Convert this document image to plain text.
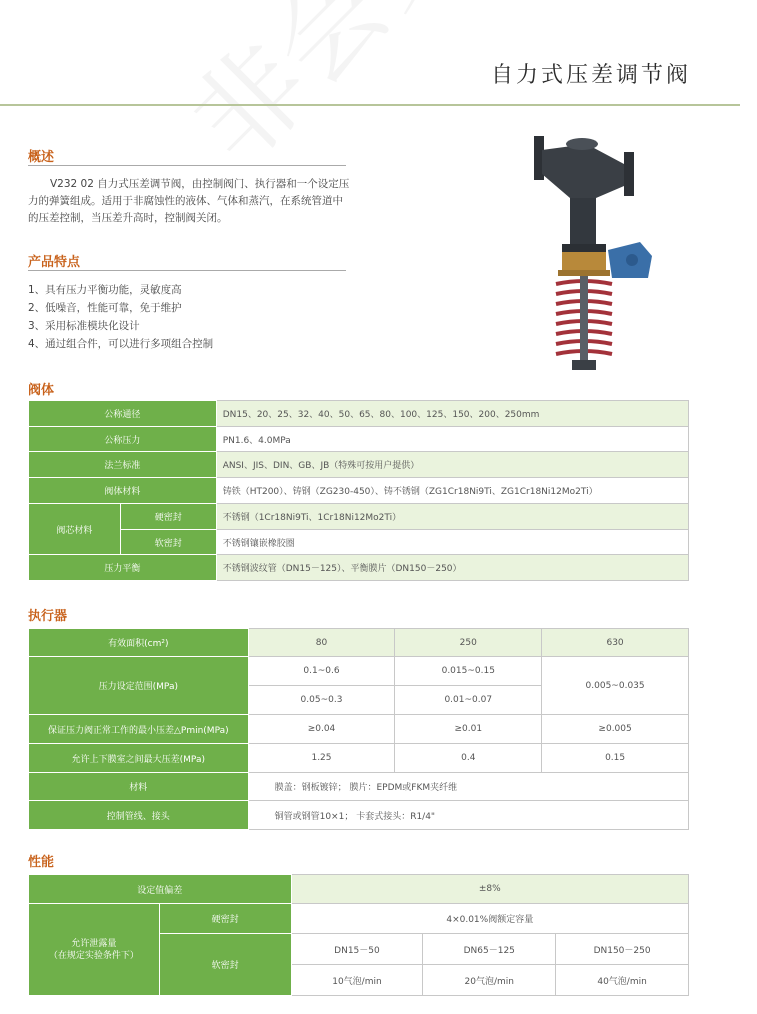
自力式压差调节阀
概述
V232 02 自力式压差调节阀，由控制阀门、执行器和一个设定压力的弹簧组成。适用于非腐蚀性的液体、气体和蒸汽，在系统管道中的压差控制，当压差升高时，控制阀关闭。
产品特点
1、具有压力平衡功能，灵敏度高
2、低噪音，性能可靠，免于维护
3、采用标准模块化设计
4、通过组合件，可以进行多项组合控制
阀体
公称通径		DN15、20、25、32、40、50、65、80、100、125、150、200、250mm
公称压力		PN1.6、4.0MPa
法兰标准		ANSI、JIS、DIN、GB、JB（特殊可按用户提供）
阀体材料		铸铁（HT200）、铸钢（ZG230-450）、铸不锈钢（ZG1Cr18Ni9Ti、ZG1Cr18Ni12Mo2Ti）
阀芯材料	硬密封	不锈钢（1Cr18Ni9Ti、1Cr18Ni12Mo2Ti）
	软密封	不锈钢镶嵌橡胶圈
压力平衡		不锈钢波纹管（DN15－125）、平衡膜片（DN150－250）
执行器
有效面积(cm²)	80	250	630
压力设定范围(MPa)	0.1~0.6	0.015~0.15	0.005~0.035
	0.05~0.3	0.01~0.07	
保证压力阀正常工作的最小压差△Pmin(MPa)	≥0.04	≥0.01	≥0.005
允许上下膜室之间最大压差(MPa)	1.25	0.4	0.15
材料	膜盖：钢板镀锌； 膜片：EPDM或FKM夹纤维		
控制管线、接头	铜管或钢管10×1； 卡套式接头：R1/4"		
性能
设定值偏差		±8%		

允许泄露量
（在规定实验条件下）	硬密封	4×0.01%阀额定容量		
	软密封	DN15－50	DN65－125	DN150－250
		10气泡/min	20气泡/min	40气泡/min
